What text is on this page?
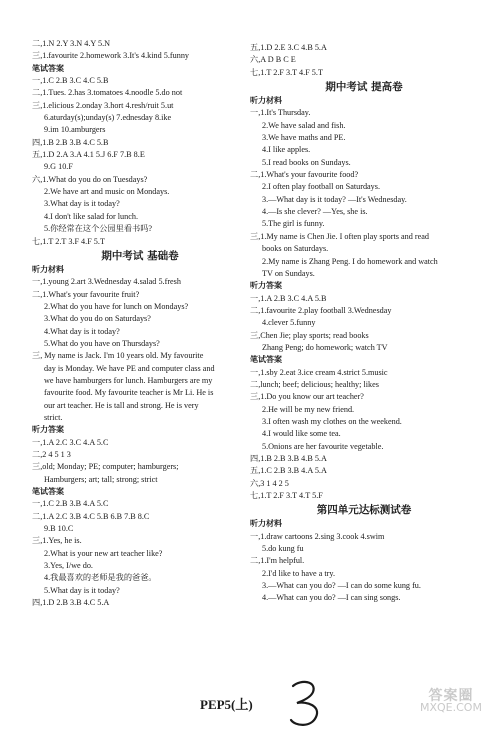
二,1.N 2.Y 3.N 4.Y 5.N
三,1.favourite 2.homework 3.It's 4.kind 5.funny
笔试答案
一,1.C 2.B 3.C 4.C 5.B
二,1.Tues. 2.has 3.tomatoes 4.noodle 5.do not
三,1.elicious 2.onday 3.hort 4.resh/ruit 5.ut
6.aturday(s);unday(s) 7.ednesday 8.ike
9.im 10.amburgers
四,1.B 2.B 3.B 4.C 5.B
五,1.D 2.A 3.A 4.1 5.J 6.F 7.B 8.E
9.G 10.F
六,1.What do you do on Tuesdays?
2.We have art and music on Mondays.
3.What day is it today?
4.I don't like salad for lunch.
5.你经常在这个公园里看书吗?
七,1.T 2.T 3.F 4.F 5.T
期中考试 基础卷
听力材料
一,1.young 2.art 3.Wednesday 4.salad 5.fresh
二,1.What's your favourite fruit?
2.What do you have for lunch on Mondays?
3.What do you do on Saturdays?
4.What day is it today?
5.What do you have on Thursdays?
三, My name is Jack. I'm 10 years old. My favourite
day is Monday. We have PE and computer class and
we have hamburgers for lunch. Hamburgers are my
favourite food. My favourite teacher is Mr Li. He is
our art teacher. He is tall and strong. He is very
strict.
听力答案
一,1.A 2.C 3.C 4.A 5.C
二,2 4 5 1 3
三,old; Monday; PE; computer; hamburgers;
Hamburgers; art; tall; strong; strict
笔试答案
一,1.C 2.B 3.B 4.A 5.C
二,1.A 2.C 3.B 4.C 5.B 6.B 7.B 8.C
9.B 10.C
三,1.Yes, he is.
2.What is your new art teacher like?
3.Yes, I/we do.
4.我最喜欢的老师是我的爸爸。
5.What day is it today?
四,1.D 2.B 3.B 4.C 5.A
五,1.D 2.E 3.C 4.B 5.A
六,A D B C E
七,1.T 2.F 3.T 4.F 5.T
期中考试 提高卷
听力材料
一,1.It's Thursday.
2.We have salad and fish.
3.We have maths and PE.
4.I like apples.
5.I read books on Sundays.
二,1.What's your favourite food?
2.I often play football on Saturdays.
3.—What day is it today? —It's Wednesday.
4.—Is she clever? —Yes, she is.
5.The girl is funny.
三,1.My name is Chen Jie. I often play sports and read
books on Saturdays.
2.My name is Zhang Peng. I do homework and watch
TV on Sundays.
听力答案
一,1.A 2.B 3.C 4.A 5.B
二,1.favourite 2.play football 3.Wednesday
4.clever 5.funny
三,Chen Jie; play sports; read books
Zhang Peng; do homework; watch TV
笔试答案
一,1.sby 2.eat 3.ice cream 4.strict 5.music
二,lunch; beef; delicious; healthy; likes
三,1.Do you know our art teacher?
2.He will be my new friend.
3.I often wash my clothes on the weekend.
4.I would like some tea.
5.Onions are her favourite vegetable.
四,1.B 2.B 3.B 4.B 5.A
五,1.C 2.B 3.B 4.A 5.A
六,3 1 4 2 5
七,1.T 2.F 3.T 4.T 5.F
第四单元达标测试卷
听力材料
一,1.draw cartoons 2.sing 3.cook 4.swim
5.do kung fu
二,1.I'm helpful.
2.I'd like to have a try.
3.—What can you do? —I can do some kung fu.
4.—What can you do? —I can sing songs.
PEP5(上)
答案圈
MXQE.COM
